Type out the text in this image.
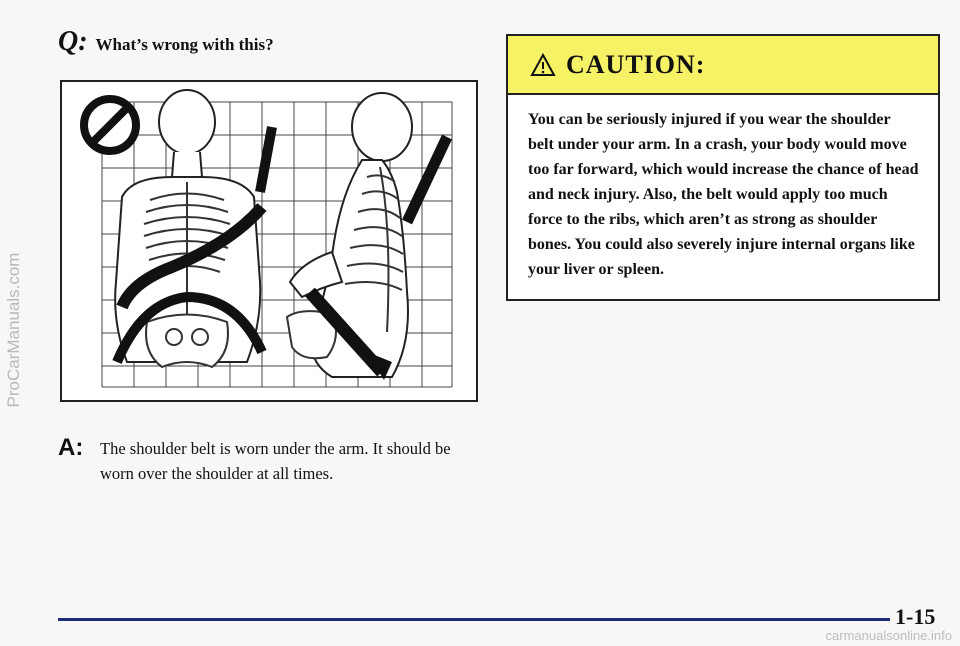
ProCarManuals.com
Q: What’s wrong with this?
A: The shoulder belt is worn under the arm. It should be worn over the shoulder at all times.
CAUTION:
You can be seriously injured if you wear the shoulder belt under your arm. In a crash, your body would move too far forward, which would increase the chance of head and neck injury. Also, the belt would apply too much force to the ribs, which aren’t as strong as shoulder bones. You could also severely injure internal organs like your liver or spleen.
1-15
carmanualsonline.info
